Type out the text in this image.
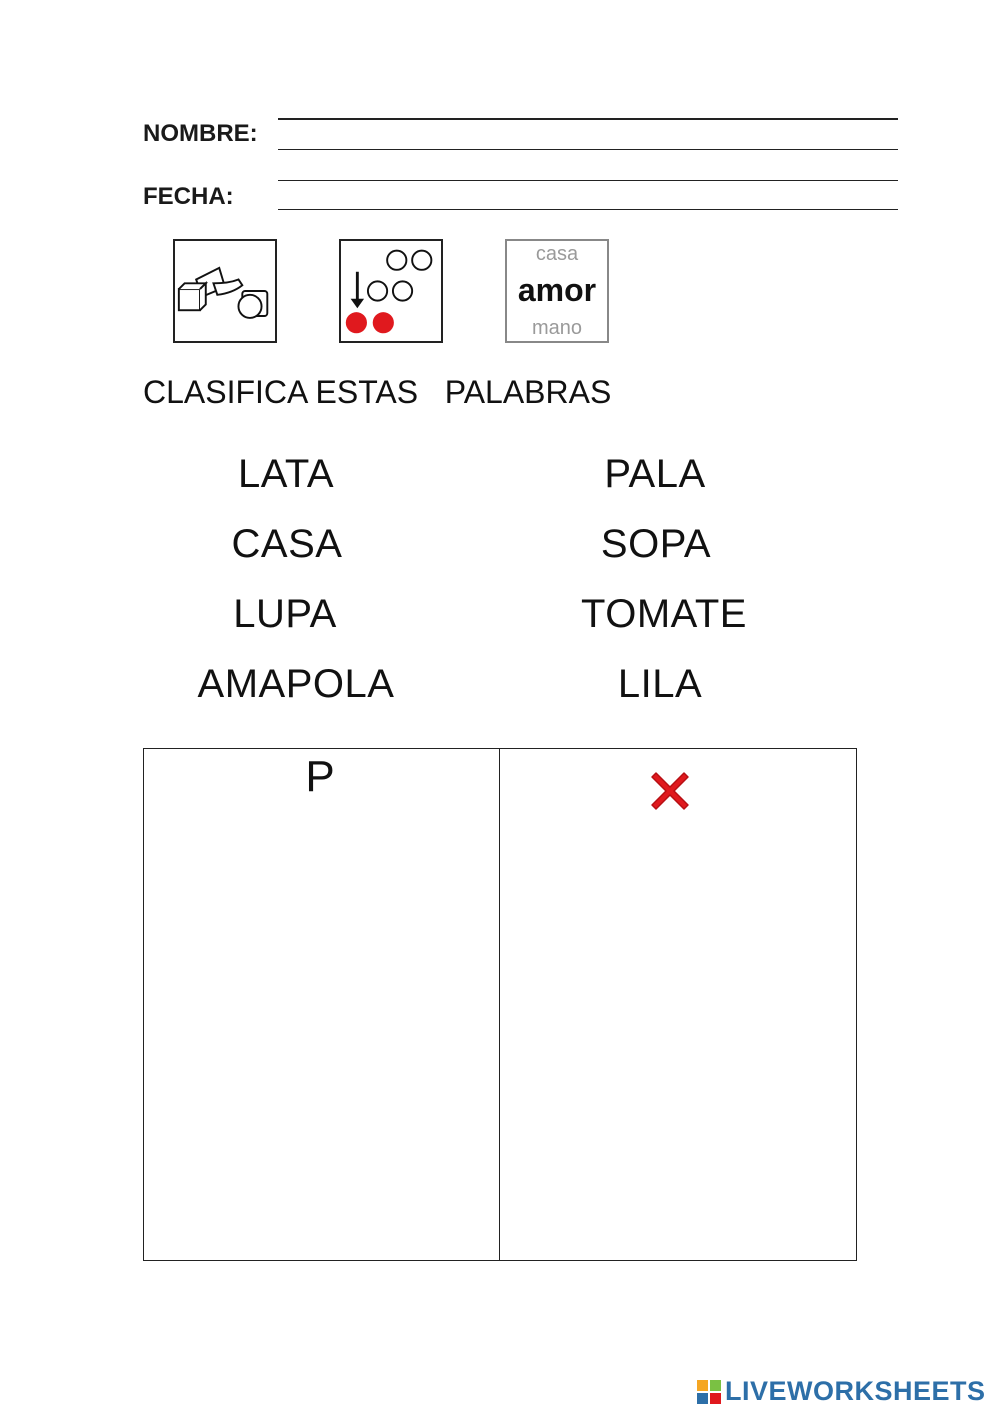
NOMBRE:
FECHA:
casa
amor
mano
CLASIFICA ESTAS   PALABRAS
LATA
CASA
LUPA
AMAPOLA
PALA
SOPA
TOMATE
LILA
P
LIVEWORKSHEETS
